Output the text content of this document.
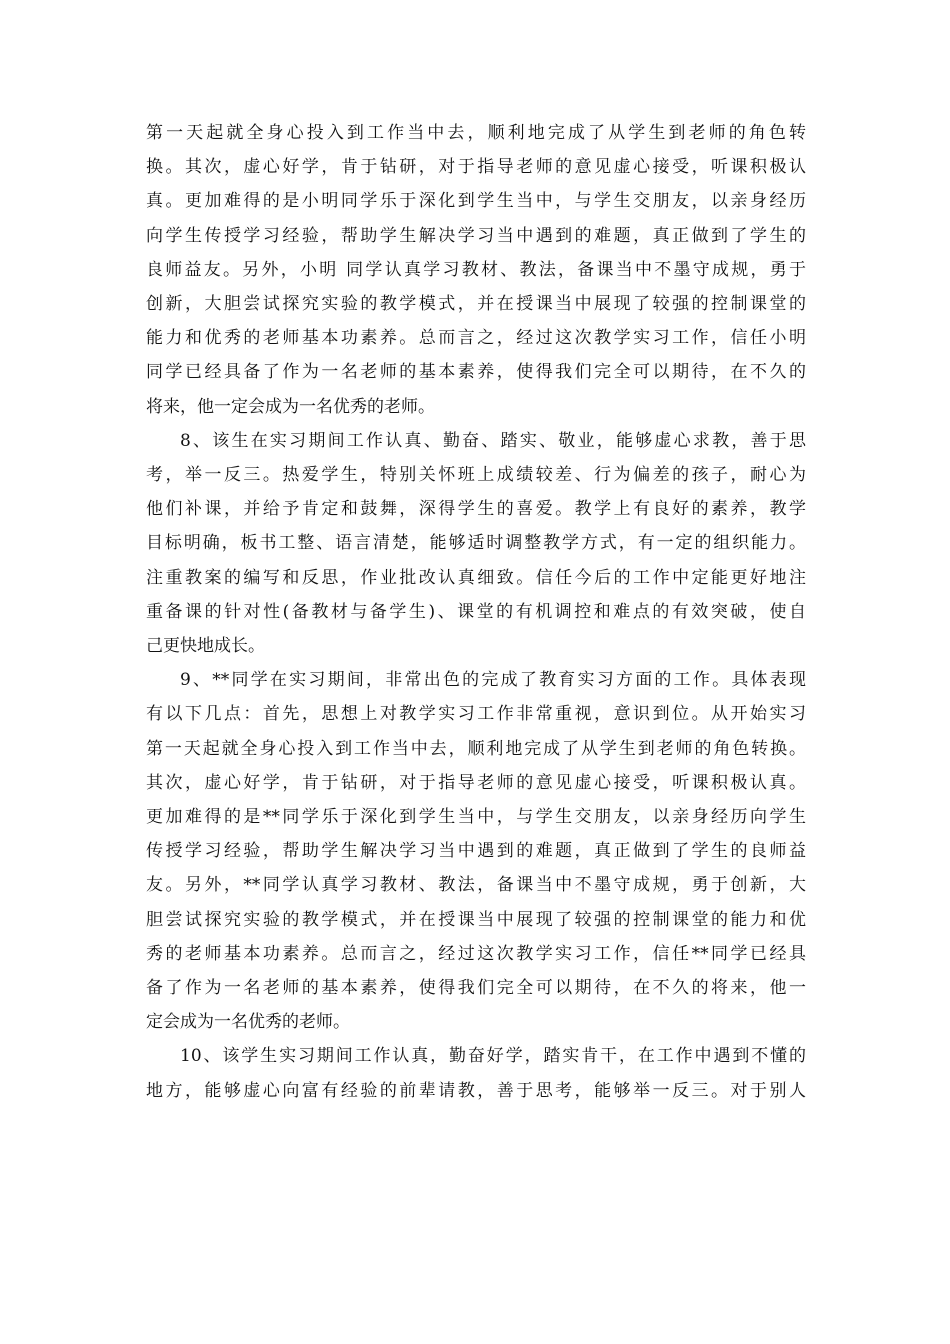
第一天起就全身心投入到工作当中去，顺利地完成了从学生到老师的角色转
换。其次，虚心好学，肯于钻研，对于指导老师的意见虚心接受，听课积极认
真。更加难得的是小明同学乐于深化到学生当中，与学生交朋友，以亲身经历
向学生传授学习经验，帮助学生解决学习当中遇到的难题，真正做到了学生的
良师益友。另外，小明 同学认真学习教材、教法，备课当中不墨守成规，勇于
创新，大胆尝试探究实验的教学模式，并在授课当中展现了较强的控制课堂的
能力和优秀的老师基本功素养。总而言之，经过这次教学实习工作，信任小明
同学已经具备了作为一名老师的基本素养，使得我们完全可以期待，在不久的
将来，他一定会成为一名优秀的老师。

8、该生在实习期间工作认真、勤奋、踏实、敬业，能够虚心求教，善于思
考，举一反三。热爱学生，特别关怀班上成绩较差、行为偏差的孩子，耐心为
他们补课，并给予肯定和鼓舞，深得学生的喜爱。教学上有良好的素养，教学
目标明确，板书工整、语言清楚，能够适时调整教学方式，有一定的组织能力。
注重教案的编写和反思，作业批改认真细致。信任今后的工作中定能更好地注
重备课的针对性(备教材与备学生)、课堂的有机调控和难点的有效突破，使自
己更快地成长。

9、**同学在实习期间，非常出色的完成了教育实习方面的工作。具体表现
有以下几点：首先，思想上对教学实习工作非常重视，意识到位。从开始实习
第一天起就全身心投入到工作当中去，顺利地完成了从学生到老师的角色转换。
其次，虚心好学，肯于钻研，对于指导老师的意见虚心接受，听课积极认真。
更加难得的是**同学乐于深化到学生当中，与学生交朋友，以亲身经历向学生
传授学习经验，帮助学生解决学习当中遇到的难题，真正做到了学生的良师益
友。另外，**同学认真学习教材、教法，备课当中不墨守成规，勇于创新，大
胆尝试探究实验的教学模式，并在授课当中展现了较强的控制课堂的能力和优
秀的老师基本功素养。总而言之，经过这次教学实习工作，信任**同学已经具
备了作为一名老师的基本素养，使得我们完全可以期待，在不久的将来，他一
定会成为一名优秀的老师。

10、该学生实习期间工作认真，勤奋好学，踏实肯干，在工作中遇到不懂的
地方，能够虚心向富有经验的前辈请教，善于思考，能够举一反三。对于别人
